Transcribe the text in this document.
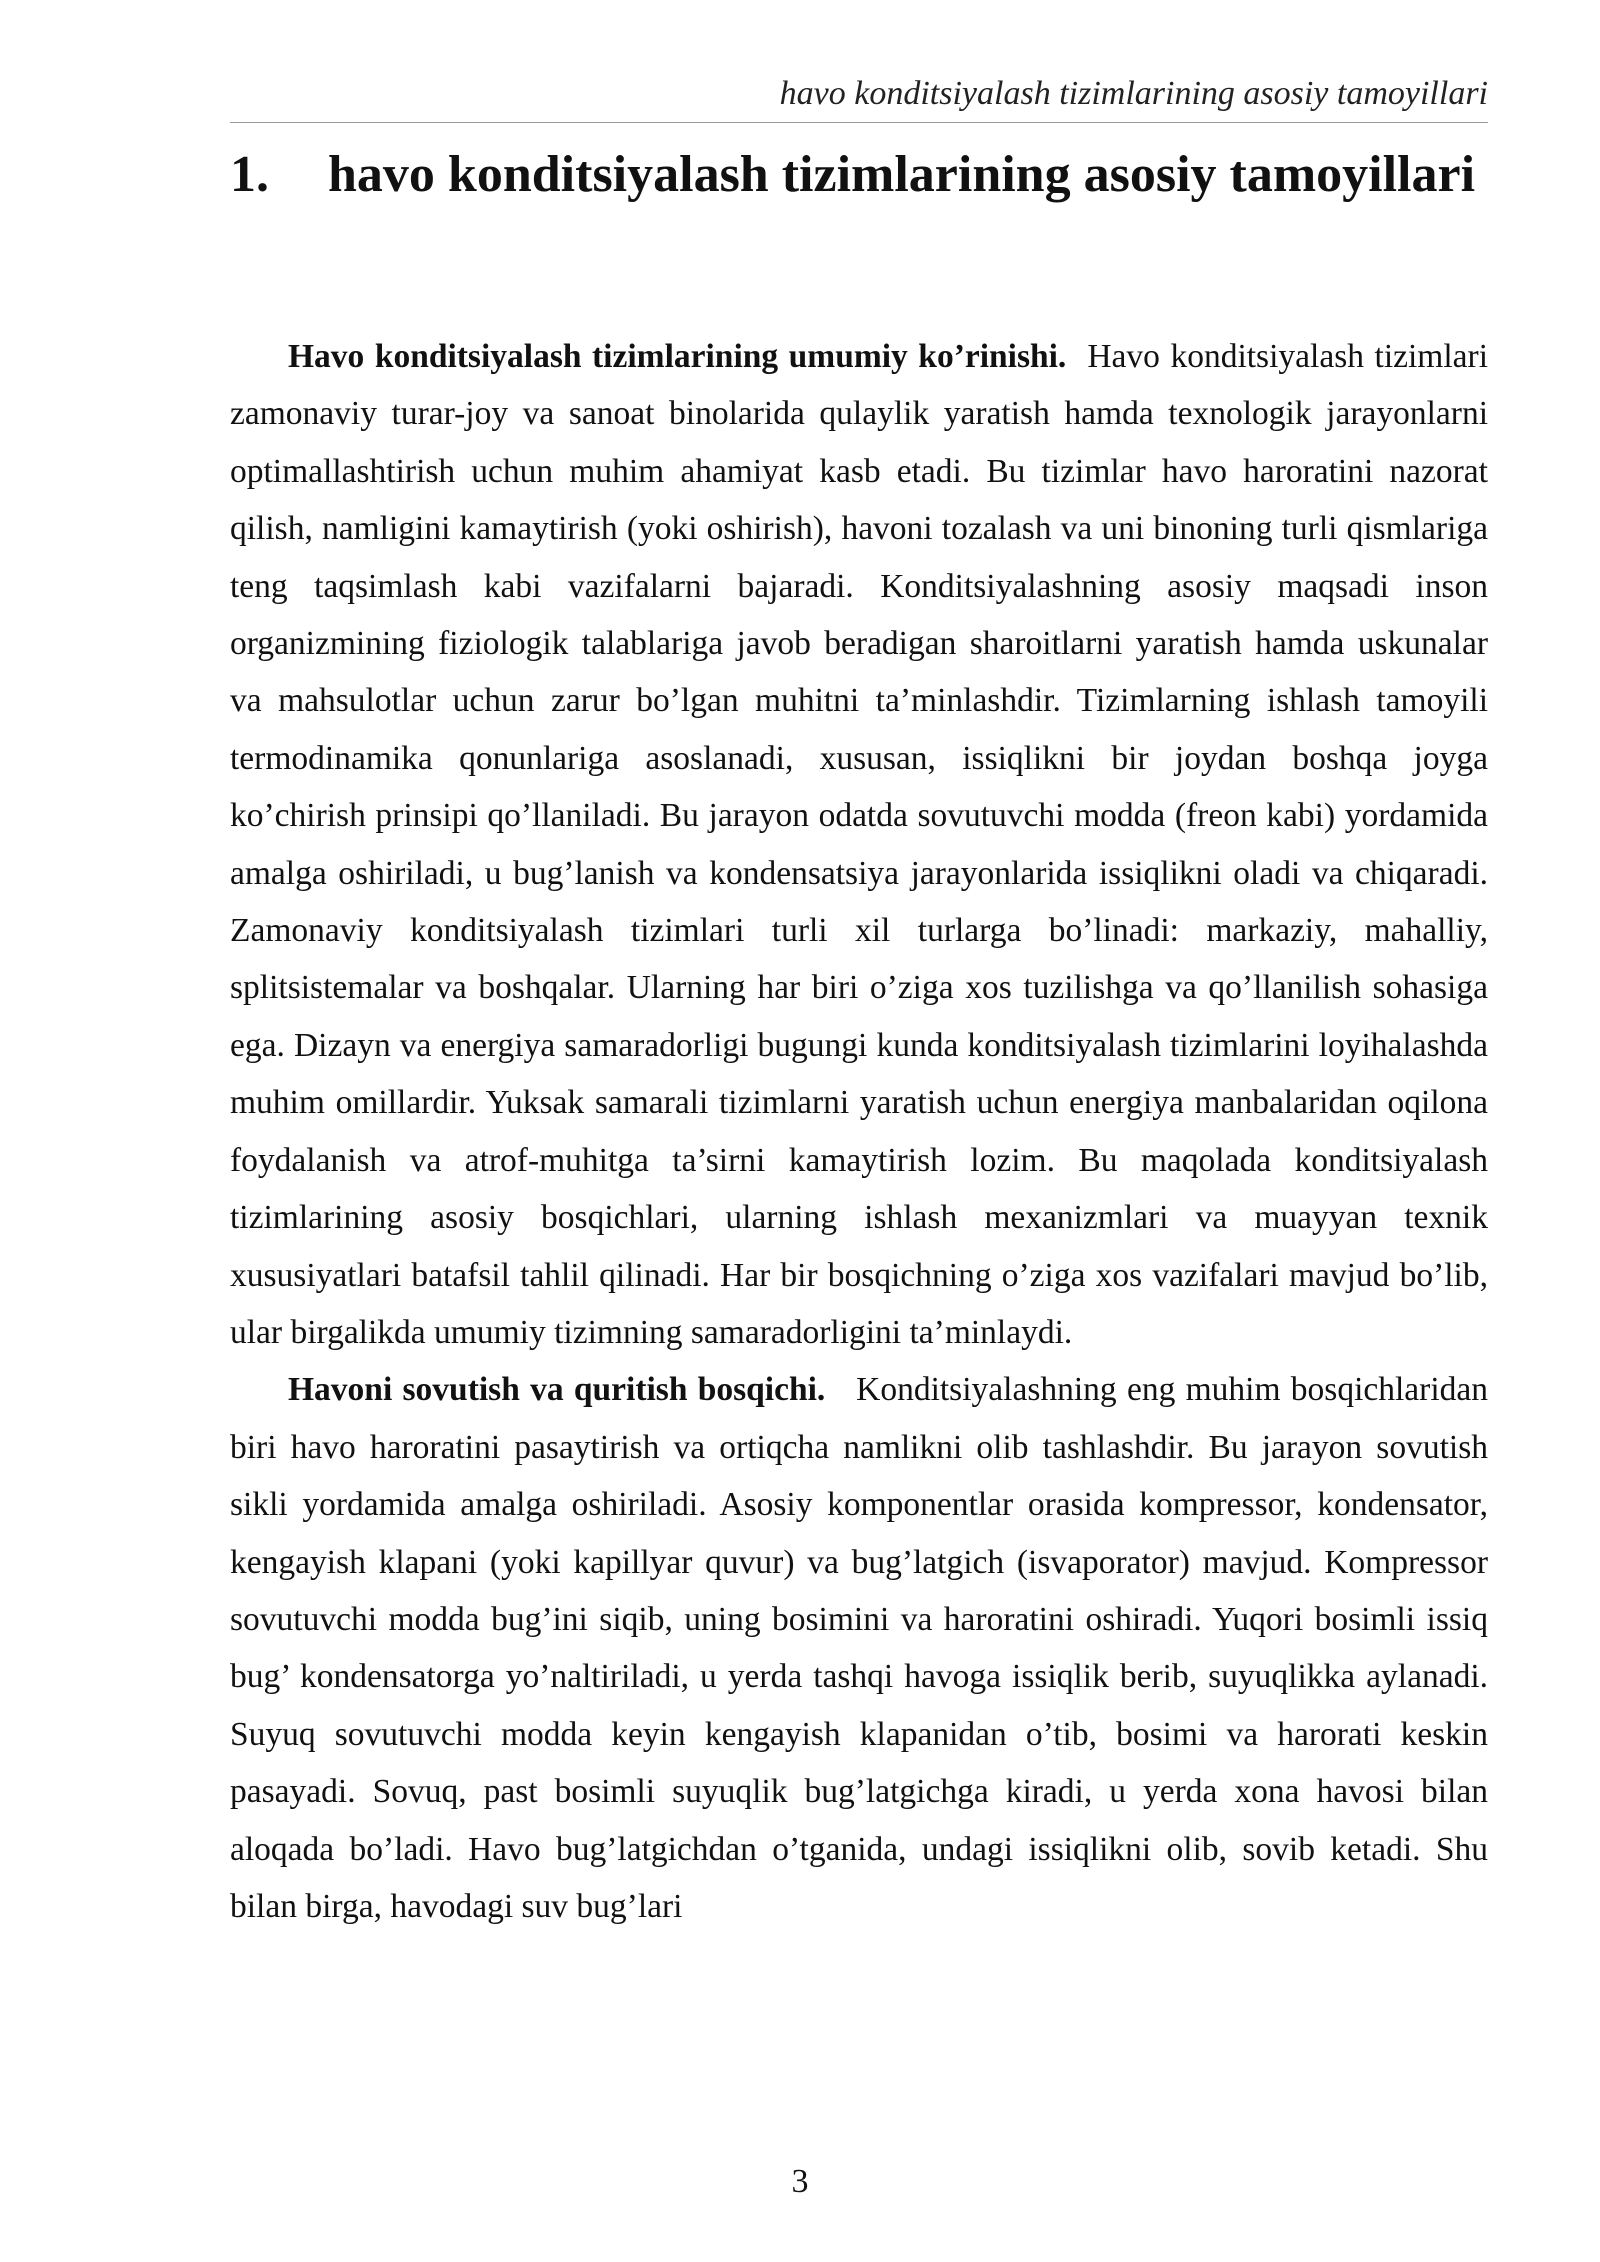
havo konditsiyalash tizimlarining asosiy tamoyillari
1. havo konditsiyalash tizimlarining asosiy tamoyillari

Havo konditsiyalash tizimlarining umumiy ko’rinishi. Havo konditsiyalash tizimlari zamonaviy turar-joy va sanoat binolarida qulaylik yaratish hamda texnologik jarayonlarni optimallashtirish uchun muhim ahamiyat kasb etadi. Bu tizimlar havo haroratini nazorat qilish, namligini kamaytirish (yoki oshirish), havoni tozalash va uni binoning turli qismlariga teng taqsimlash kabi vazifalarni bajaradi. Konditsiyalashning asosiy maqsadi inson organizmining fiziologik talablariga javob beradigan sharoitlarni yaratish hamda uskunalar va mahsulotlar uchun zarur bo’lgan muhitni ta’minlashdir. Tizimlarning ishlash tamoyili termodinamika qonunlariga asoslanadi, xususan, issiqlikni bir joydan boshqa joyga ko’chirish prinsipi qo’llaniladi. Bu jarayon odatda sovutuvchi modda (freon kabi) yordamida amalga oshiriladi, u bug’lanish va kondensatsiya jarayonlarida issiqlikni oladi va chiqaradi. Zamonaviy konditsiyalash tizimlari turli xil turlarga bo’linadi: markaziy, mahalliy, splitsistemalar va boshqalar. Ularning har biri o’ziga xos tuzilishga va qo’llanilish sohasiga ega. Dizayn va energiya samaradorligi bugungi kunda konditsiyalash tizimlarini loyihalashda muhim omillardir. Yuksak samarali tizimlarni yaratish uchun energiya manbalaridan oqilona foydalanish va atrof-muhitga ta’sirni kamaytirish lozim. Bu maqolada konditsiyalash tizimlarining asosiy bosqichlari, ularning ishlash mexanizmlari va muayyan texnik xususiyatlari batafsil tahlil qilinadi. Har bir bosqichning o’ziga xos vazifalari mavjud bo’lib, ular birgalikda umumiy tizimning samaradorligini ta’minlaydi.

Havoni sovutish va quritish bosqichi. Konditsiyalashning eng muhim bosqichlaridan biri havo haroratini pasaytirish va ortiqcha namlikni olib tashlashdir. Bu jarayon sovutish sikli yordamida amalga oshiriladi. Asosiy komponentlar orasida kompressor, kondensator, kengayish klapani (yoki kapillyar quvur) va bug’latgich (isvaporator) mavjud. Kompressor sovutuvchi modda bug’ini siqib, uning bosimini va haroratini oshiradi. Yuqori bosimli issiq bug’ kondensatorga yo’naltiriladi, u yerda tashqi havoga issiqlik berib, suyuqlikka aylanadi. Suyuq sovutuvchi modda keyin kengayish klapanidan o’tib, bosimi va harorati keskin pasayadi. Sovuq, past bosimli suyuqlik bug’latgichga kiradi, u yerda xona havosi bilan aloqada bo’ladi. Havo bug’latgichdan o’tganida, undagi issiqlikni olib, sovib ketadi. Shu bilan birga, havodagi suv bug’lari

3
